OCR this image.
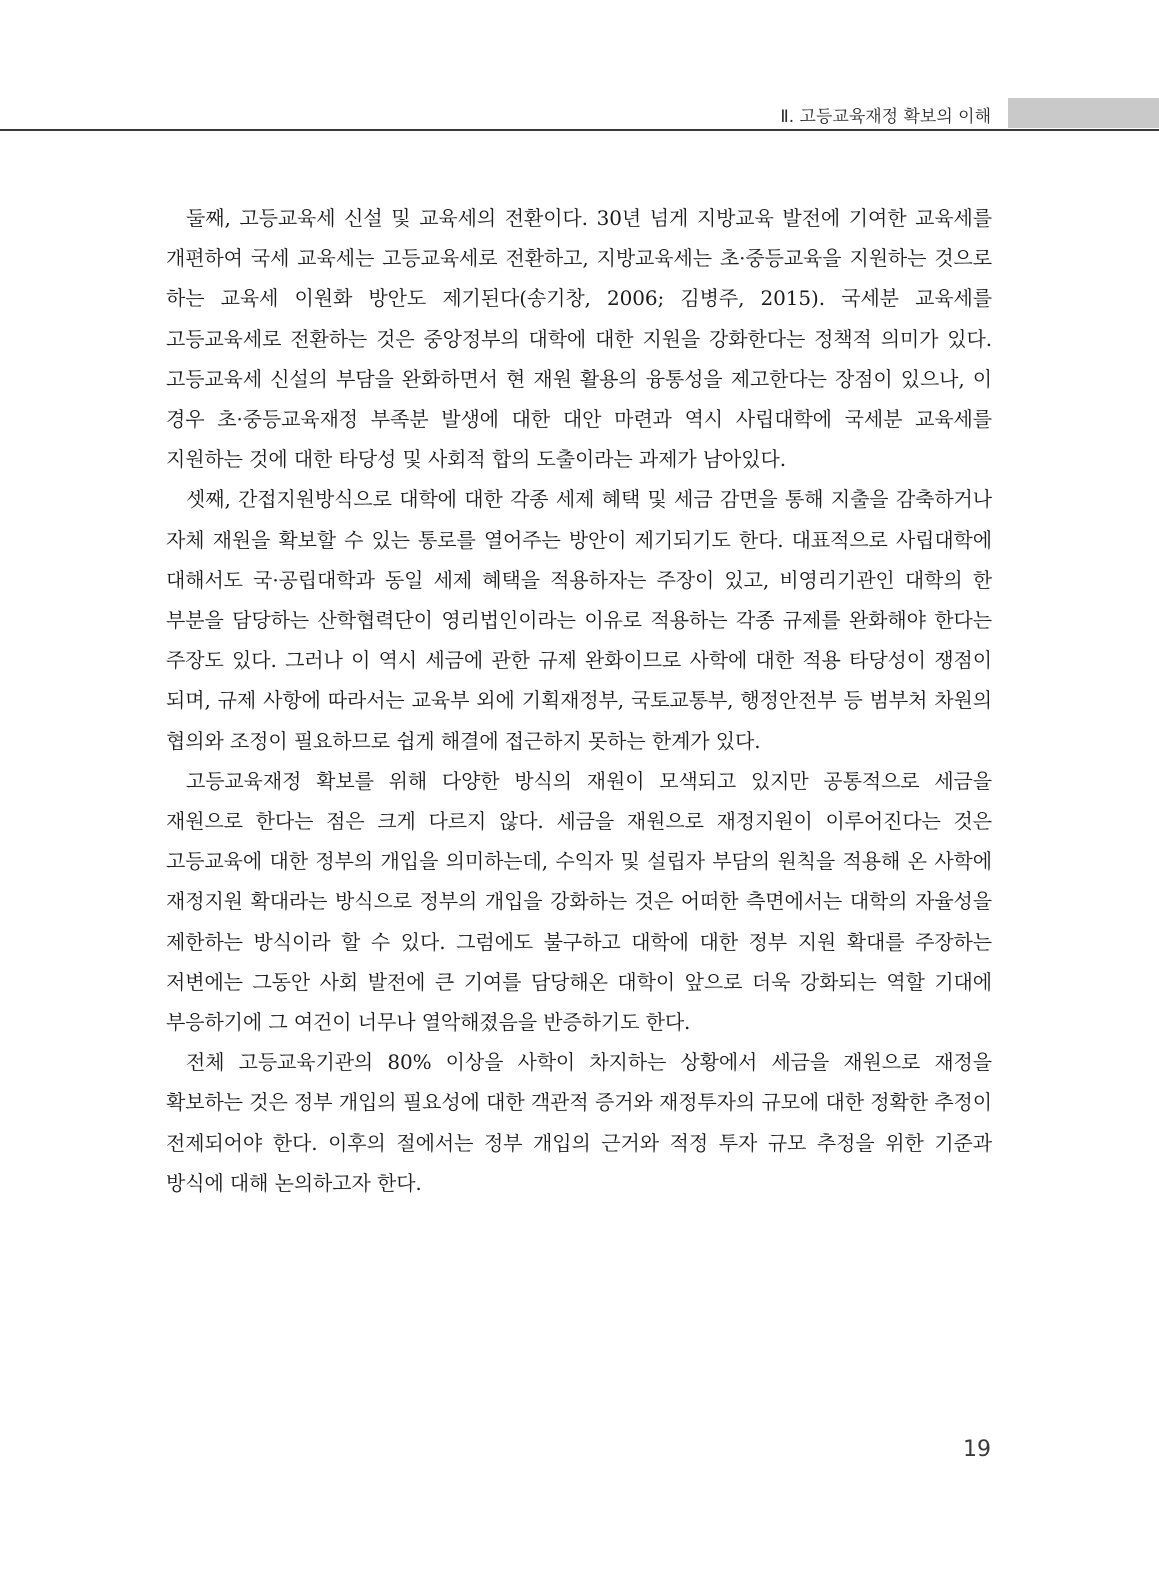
Ⅱ. 고등교육재정 확보의 이해

둘째, 고등교육세 신설 및 교육세의 전환이다. 30년 넘게 지방교육 발전에 기여한 교육세를 개편하여 국세 교육세는 고등교육세로 전환하고, 지방교육세는 초·중등교육을 지원하는 것으로 하는 교육세 이원화 방안도 제기된다(송기창, 2006; 김병주, 2015). 국세분 교육세를 고등교육세로 전환하는 것은 중앙정부의 대학에 대한 지원을 강화한다는 정책적 의미가 있다. 고등교육세 신설의 부담을 완화하면서 현 재원 활용의 융통성을 제고한다는 장점이 있으나, 이 경우 초·중등교육재정 부족분 발생에 대한 대안 마련과 역시 사립대학에 국세분 교육세를 지원하는 것에 대한 타당성 및 사회적 합의 도출이라는 과제가 남아있다.

셋째, 간접지원방식으로 대학에 대한 각종 세제 혜택 및 세금 감면을 통해 지출을 감축하거나 자체 재원을 확보할 수 있는 통로를 열어주는 방안이 제기되기도 한다. 대표적으로 사립대학에 대해서도 국·공립대학과 동일 세제 혜택을 적용하자는 주장이 있고, 비영리기관인 대학의 한 부분을 담당하는 산학협력단이 영리법인이라는 이유로 적용하는 각종 규제를 완화해야 한다는 주장도 있다. 그러나 이 역시 세금에 관한 규제 완화이므로 사학에 대한 적용 타당성이 쟁점이 되며, 규제 사항에 따라서는 교육부 외에 기획재정부, 국토교통부, 행정안전부 등 범부처 차원의 협의와 조정이 필요하므로 쉽게 해결에 접근하지 못하는 한계가 있다.

고등교육재정 확보를 위해 다양한 방식의 재원이 모색되고 있지만 공통적으로 세금을 재원으로 한다는 점은 크게 다르지 않다. 세금을 재원으로 재정지원이 이루어진다는 것은 고등교육에 대한 정부의 개입을 의미하는데, 수익자 및 설립자 부담의 원칙을 적용해 온 사학에 재정지원 확대라는 방식으로 정부의 개입을 강화하는 것은 어떠한 측면에서는 대학의 자율성을 제한하는 방식이라 할 수 있다. 그럼에도 불구하고 대학에 대한 정부 지원 확대를 주장하는 저변에는 그동안 사회 발전에 큰 기여를 담당해온 대학이 앞으로 더욱 강화되는 역할 기대에 부응하기에 그 여건이 너무나 열악해졌음을 반증하기도 한다.

전체 고등교육기관의 80% 이상을 사학이 차지하는 상황에서 세금을 재원으로 재정을 확보하는 것은 정부 개입의 필요성에 대한 객관적 증거와 재정투자의 규모에 대한 정확한 추정이 전제되어야 한다. 이후의 절에서는 정부 개입의 근거와 적정 투자 규모 추정을 위한 기준과 방식에 대해 논의하고자 한다.

19
